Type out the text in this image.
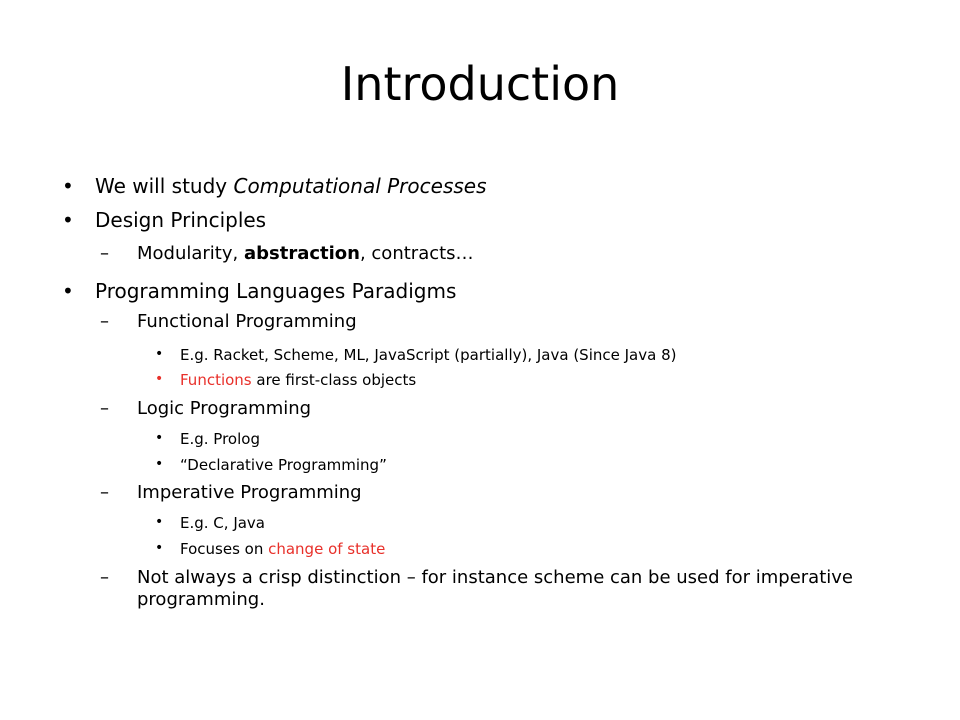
Introduction
• We will study Computational Processes
• Design Principles
– Modularity, abstraction, contracts…
• Programming Languages Paradigms
– Functional Programming
• E.g. Racket, Scheme, ML, JavaScript (partially), Java (Since Java 8)
• Functions are first-class objects
– Logic Programming
• E.g. Prolog
• “Declarative Programming”
– Imperative Programming
• E.g. C, Java
• Focuses on change of state
– Not always a crisp distinction – for instance scheme can be used for imperative programming.
